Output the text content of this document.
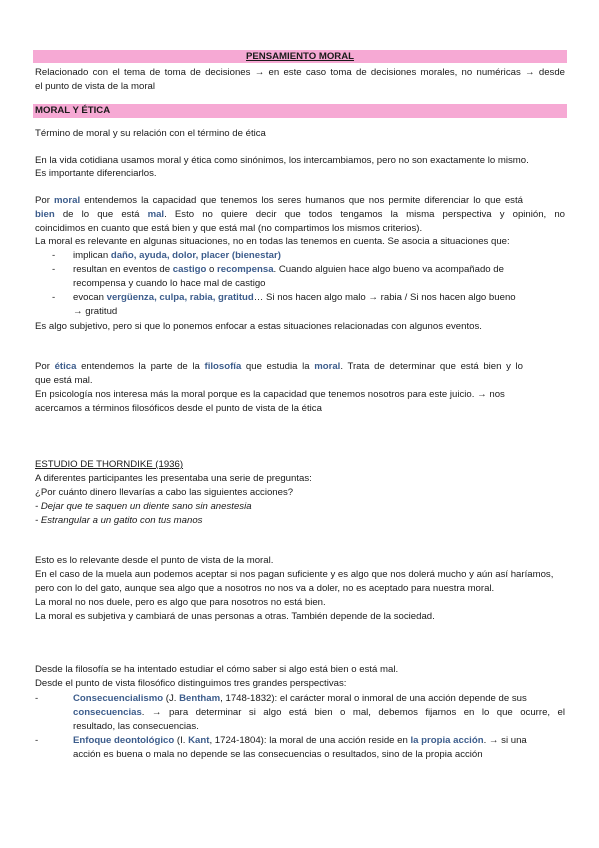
PENSAMIENTO MORAL
Relacionado con el tema de toma de decisiones → en este caso toma de decisiones morales, no numéricas → desde
el punto de vista de la moral
MORAL Y ÉTICA
Término de moral y su relación con el término de ética
En la vida cotidiana usamos moral y ética como sinónimos, los intercambiamos, pero no son exactamente lo mismo.
Es importante diferenciarlos.
Por moral entendemos la capacidad que tenemos los seres humanos que nos permite diferenciar lo que está
bien de lo que está mal. Esto no quiere decir que todos tengamos la misma perspectiva y opinión, no
coincidimos en cuanto que está bien y que está mal (no compartimos los mismos criterios).
La moral es relevante en algunas situaciones, no en todas las tenemos en cuenta. Se asocia a situaciones que:
- implican daño, ayuda, dolor, placer (bienestar)
- resultan en eventos de castigo o recompensa. Cuando alguien hace algo bueno va acompañado de
recompensa y cuando lo hace mal de castigo
- evocan vergüenza, culpa, rabia, gratitud… Si nos hacen algo malo → rabia / Si nos hacen algo bueno
→ gratitud
Es algo subjetivo, pero si que lo ponemos enfocar a estas situaciones relacionadas con algunos eventos.
Por ética entendemos la parte de la filosofía que estudia la moral. Trata de determinar que está bien y lo
que está mal.
En psicología nos interesa más la moral porque es la capacidad que tenemos nosotros para este juicio. → nos
acercamos a términos filosóficos desde el punto de vista de la ética
ESTUDIO DE THORNDIKE (1936)
A diferentes participantes les presentaba una serie de preguntas:
¿Por cuánto dinero llevarías a cabo las siguientes acciones?
- Dejar que te saquen un diente sano sin anestesia
- Estrangular a un gatito con tus manos
Esto es lo relevante desde el punto de vista de la moral.
En el caso de la muela aun podemos aceptar si nos pagan suficiente y es algo que nos dolerá mucho y aún así haríamos,
pero con lo del gato, aunque sea algo que a nosotros no nos va a doler, no es aceptado para nuestra moral.
La moral no nos duele, pero es algo que para nosotros no está bien.
La moral es subjetiva y cambiará de unas personas a otras. También depende de la sociedad.
Desde la filosofía se ha intentado estudiar el cómo saber si algo está bien o está mal.
Desde el punto de vista filosófico distinguimos tres grandes perspectivas:
-	Consecuencialismo (J. Bentham, 1748-1832): el carácter moral o inmoral de una acción depende de sus
consecuencias. → para determinar si algo está bien o mal, debemos fijarnos en lo que ocurre, el
resultado, las consecuencias.
-	Enfoque deontológico (I. Kant, 1724-1804): la moral de una acción reside en la propia acción. → si una
acción es buena o mala no depende se las consecuencias o resultados, sino de la propia acción
